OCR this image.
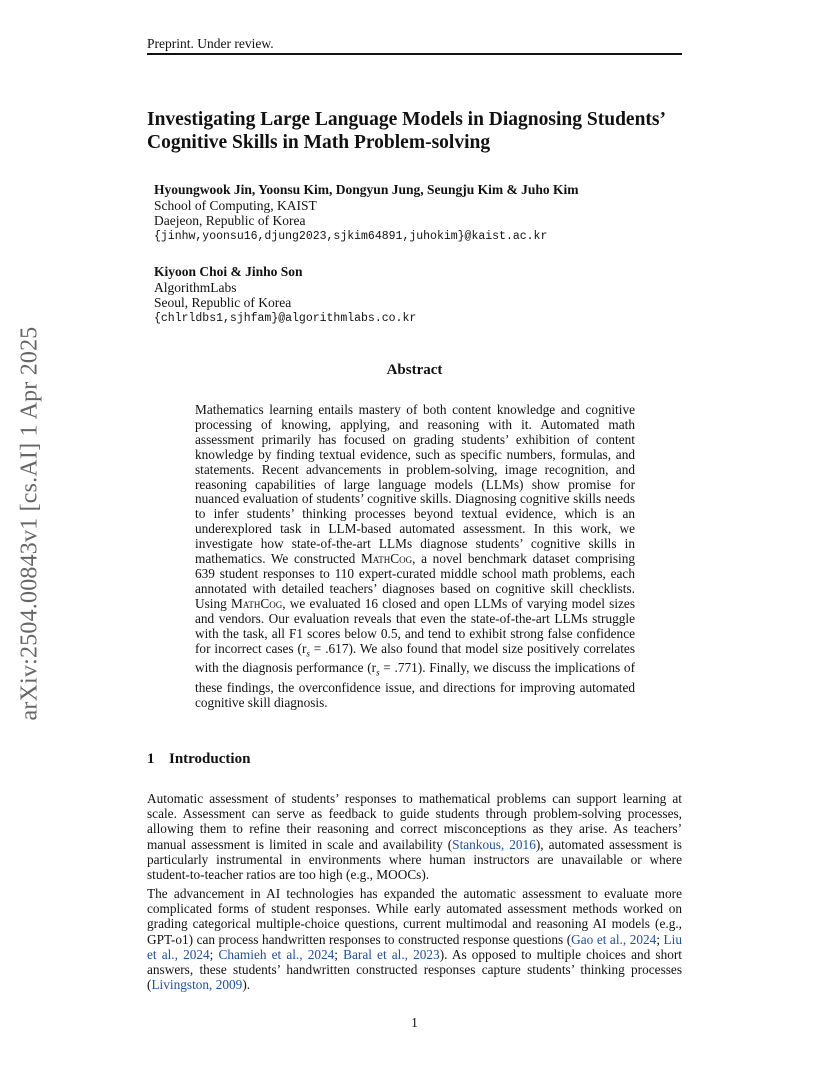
Preprint. Under review.
arXiv:2504.00843v1 [cs.AI] 1 Apr 2025
Investigating Large Language Models in Diagnosing Students’ Cognitive Skills in Math Problem-solving
Hyoungwook Jin, Yoonsu Kim, Dongyun Jung, Seungju Kim & Juho Kim
School of Computing, KAIST
Daejeon, Republic of Korea
{jinhw,yoonsu16,djung2023,sjkim64891,juhokim}@kaist.ac.kr
Kiyoon Choi & Jinho Son
AlgorithmLabs
Seoul, Republic of Korea
{chlrldbs1,sjhfam}@algorithmlabs.co.kr
Abstract
Mathematics learning entails mastery of both content knowledge and cognitive processing of knowing, applying, and reasoning with it. Automated math assessment primarily has focused on grading students’ exhibition of content knowledge by finding textual evidence, such as specific numbers, formulas, and statements. Recent advancements in problem-solving, image recognition, and reasoning capabilities of large language models (LLMs) show promise for nuanced evaluation of students’ cognitive skills. Diagnosing cognitive skills needs to infer students’ thinking processes beyond textual evidence, which is an underexplored task in LLM-based automated assessment. In this work, we investigate how state-of-the-art LLMs diagnose students’ cognitive skills in mathematics. We constructed MathCog, a novel benchmark dataset comprising 639 student responses to 110 expert-curated middle school math problems, each annotated with detailed teachers’ diagnoses based on cognitive skill checklists. Using MathCog, we evaluated 16 closed and open LLMs of varying model sizes and vendors. Our evaluation reveals that even the state-of-the-art LLMs struggle with the task, all F1 scores below 0.5, and tend to exhibit strong false confidence for incorrect cases $(r_s = .617)$. We also found that model size positively correlates with the diagnosis performance $(r_s = .771)$. Finally, we discuss the implications of these findings, the overconfidence issue, and directions for improving automated cognitive skill diagnosis.
1 Introduction
Automatic assessment of students’ responses to mathematical problems can support learning at scale. Assessment can serve as feedback to guide students through problem-solving processes, allowing them to refine their reasoning and correct misconceptions as they arise. As teachers’ manual assessment is limited in scale and availability (Stankous, 2016), automated assessment is particularly instrumental in environments where human instructors are unavailable or where student-to-teacher ratios are too high (e.g., MOOCs).
The advancement in AI technologies has expanded the automatic assessment to evaluate more complicated forms of student responses. While early automated assessment methods worked on grading categorical multiple-choice questions, current multimodal and reasoning AI models (e.g., GPT-o1) can process handwritten responses to constructed response questions (Gao et al., 2024; Liu et al., 2024; Chamieh et al., 2024; Baral et al., 2023). As opposed to multiple choices and short answers, these students’ handwritten constructed responses capture students’ thinking processes (Livingston, 2009).
1
